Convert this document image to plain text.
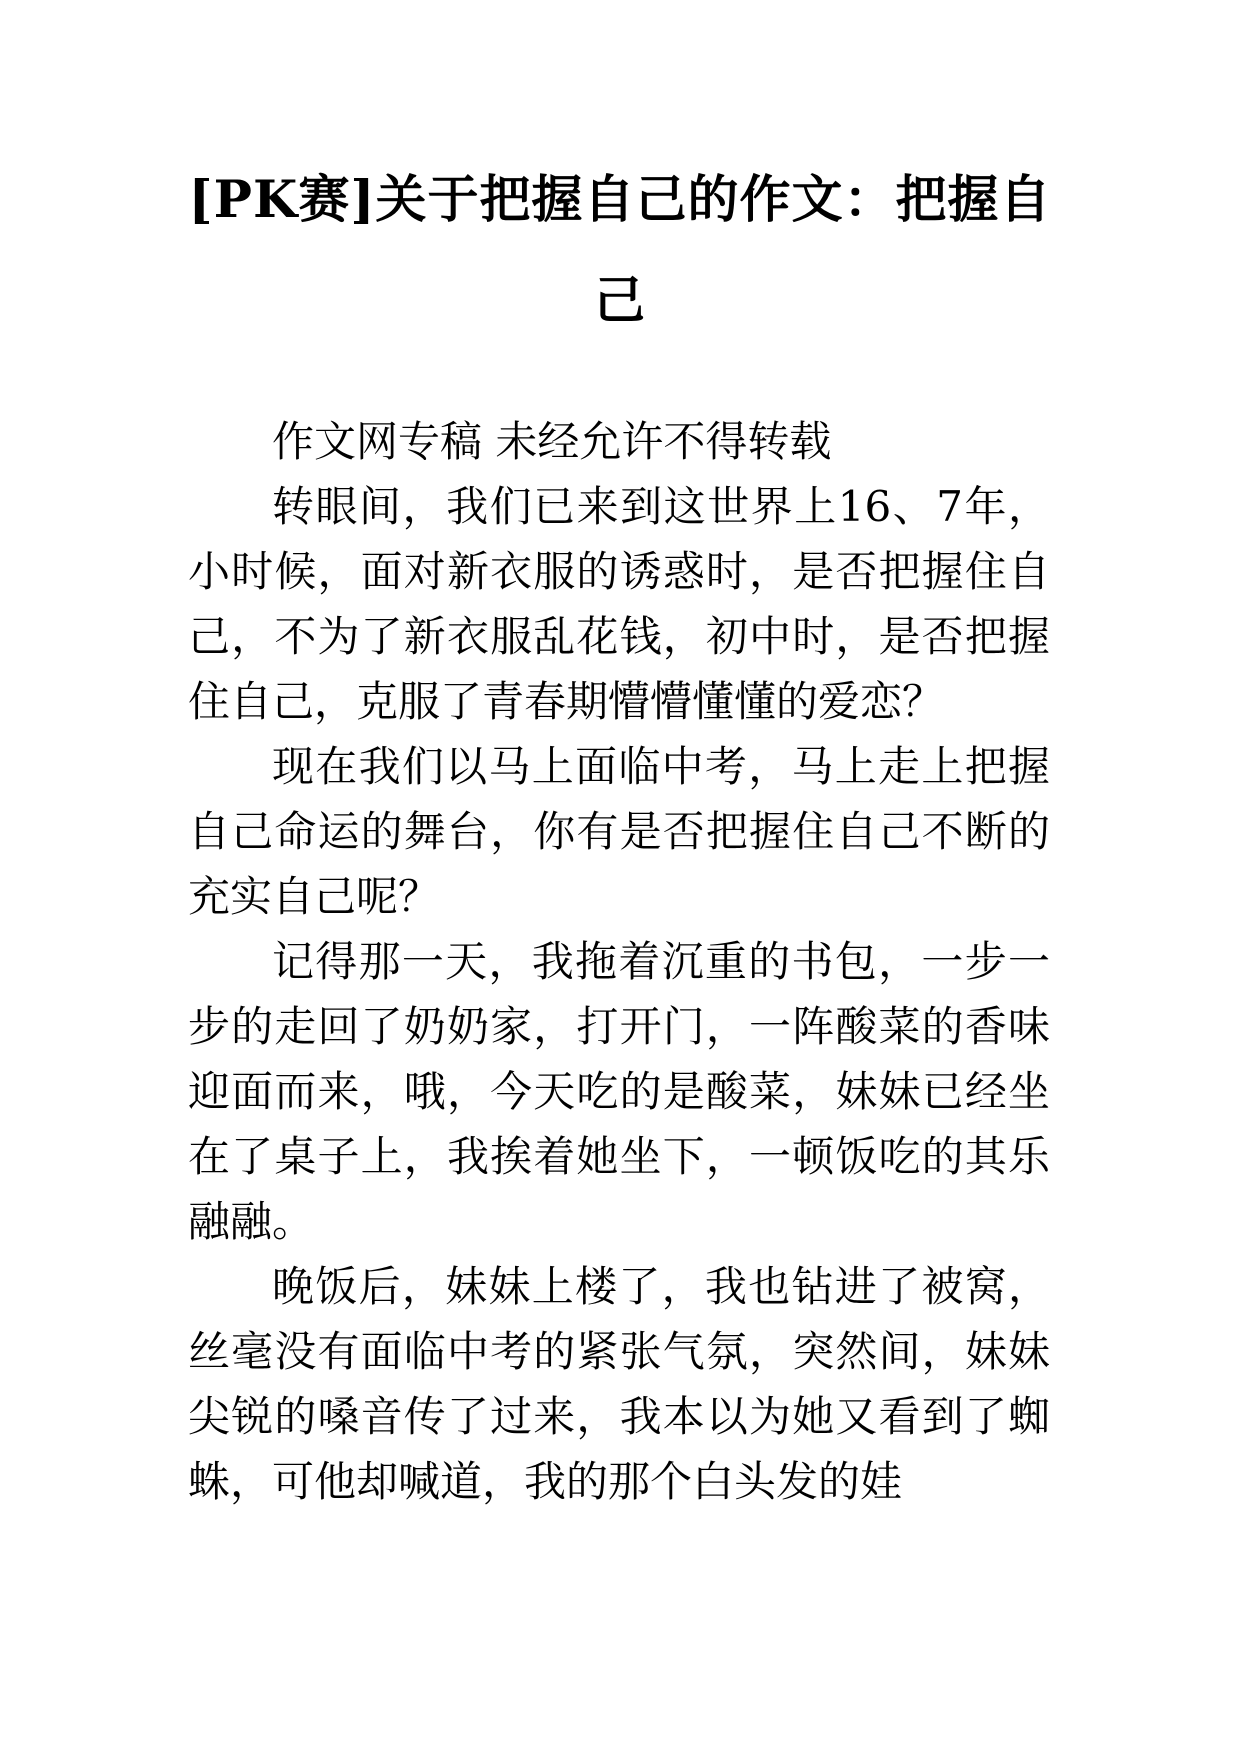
[PK赛]关于把握自己的作文：把握自己

作文网专稿 未经允许不得转载

转眼间，我们已来到这世界上16、7年，小时候，面对新衣服的诱惑时，是否把握住自己，不为了新衣服乱花钱，初中时，是否把握住自己，克服了青春期懵懵懂懂的爱恋？

现在我们以马上面临中考，马上走上把握自己命运的舞台，你有是否把握住自己不断的充实自己呢？

记得那一天，我拖着沉重的书包，一步一步的走回了奶奶家，打开门，一阵酸菜的香味迎面而来，哦，今天吃的是酸菜，妹妹已经坐在了桌子上，我挨着她坐下，一顿饭吃的其乐融融。

晚饭后，妹妹上楼了，我也钻进了被窝，丝毫没有面临中考的紧张气氛，突然间，妹妹尖锐的嗓音传了过来，我本以为她又看到了蜘蛛，可他却喊道，我的那个白头发的娃
